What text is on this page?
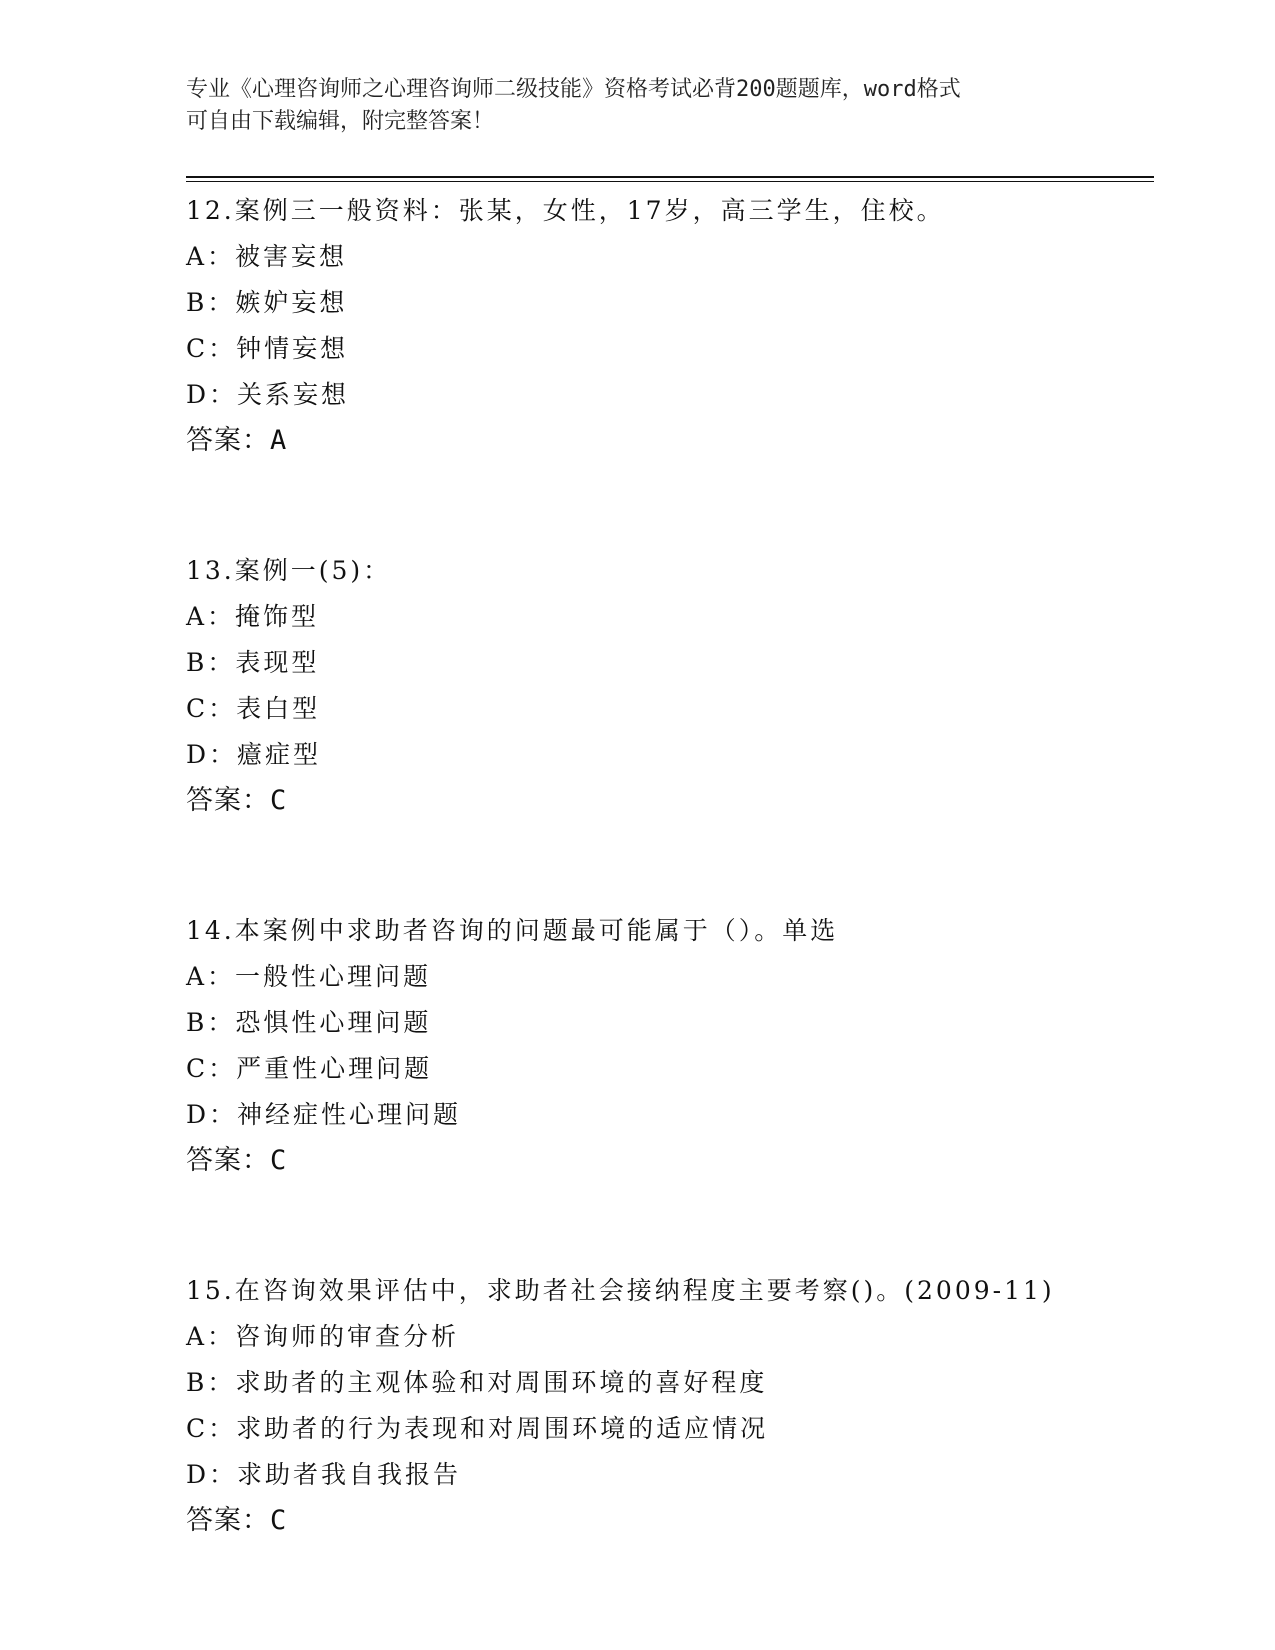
专业《心理咨询师之心理咨询师二级技能》资格考试必背200题题库，word格式
可自由下载编辑，附完整答案！
12.案例三一般资料：张某，女性，17岁，高三学生，住校。
A：被害妄想
B：嫉妒妄想
C：钟情妄想
D：关系妄想
答案：A
13.案例一(5)：
A：掩饰型
B：表现型
C：表白型
D：癔症型
答案：C
14.本案例中求助者咨询的问题最可能属于（）。单选
A：一般性心理问题
B：恐惧性心理问题
C：严重性心理问题
D：神经症性心理问题
答案：C
15.在咨询效果评估中，求助者社会接纳程度主要考察()。(2009-11)
A：咨询师的审查分析
B：求助者的主观体验和对周围环境的喜好程度
C：求助者的行为表现和对周围环境的适应情况
D：求助者我自我报告
答案：C
